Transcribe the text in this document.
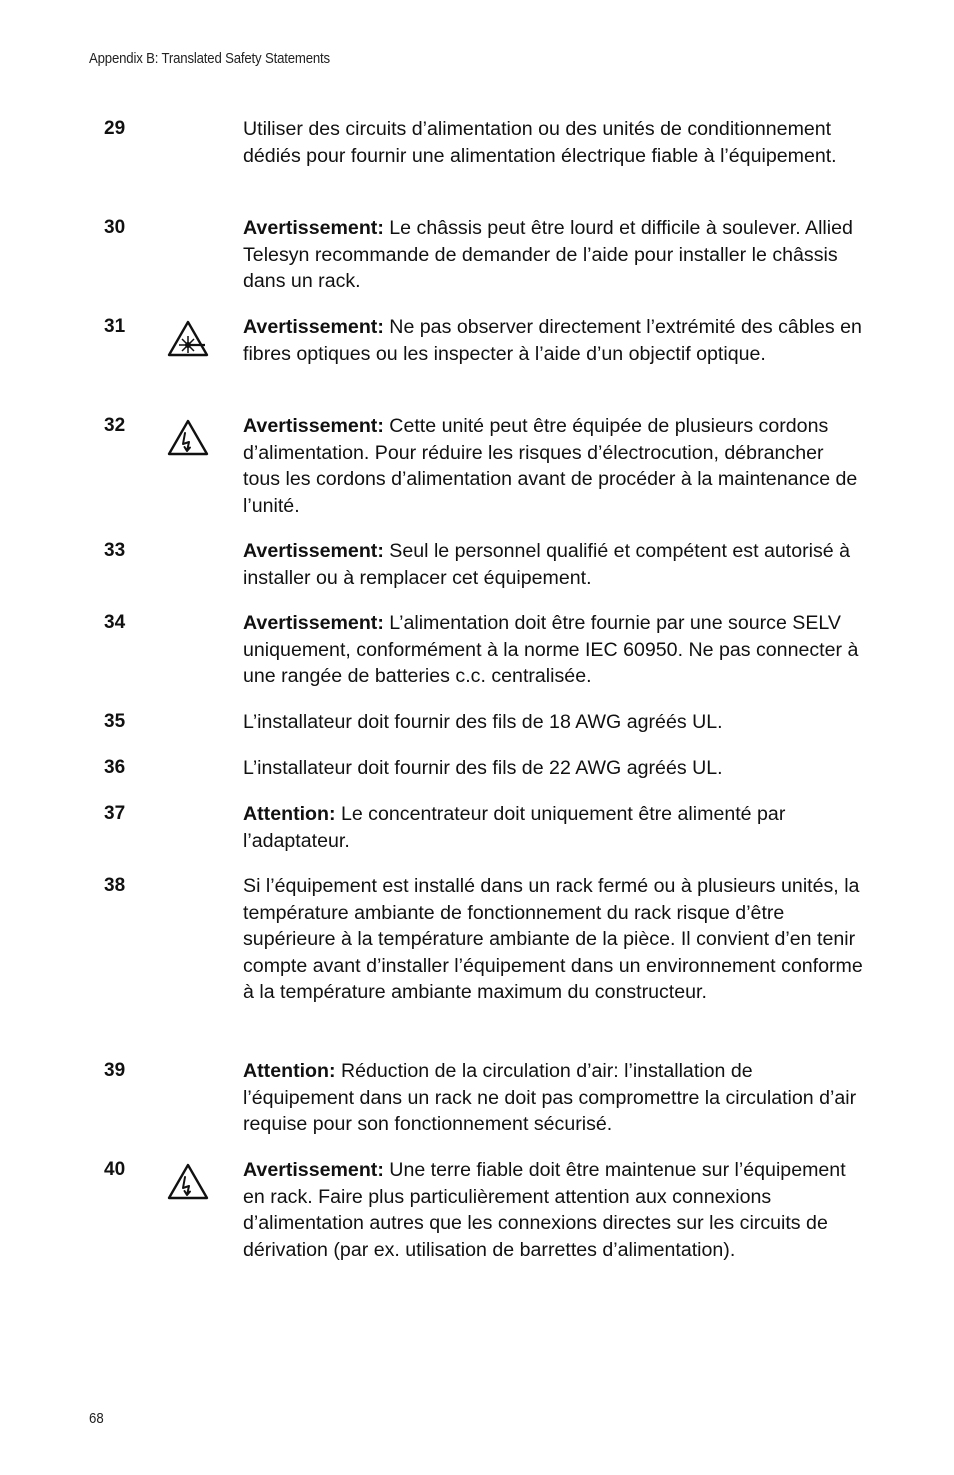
Appendix B: Translated Safety Statements
29	Utiliser des circuits d’alimentation ou des unités de conditionnement dédiés pour fournir une alimentation électrique fiable à l’équipement.
30	Avertissement: Le châssis peut être lourd et difficile à soulever. Allied Telesyn recommande de demander de l’aide pour installer le châssis dans un rack.
31	Avertissement: Ne pas observer directement l’extrémité des câbles en fibres optiques ou les inspecter à l’aide d’un objectif optique.
32	Avertissement: Cette unité peut être équipée de plusieurs cordons d’alimentation. Pour réduire les risques d’électrocution, débrancher tous les cordons d’alimentation avant de procéder à la maintenance de l’unité.
33	Avertissement: Seul le personnel qualifié et compétent est autorisé à installer ou à remplacer cet équipement.
34	Avertissement: L’alimentation doit être fournie par une source SELV uniquement, conformément à la norme IEC 60950. Ne pas connecter à une rangée de batteries c.c. centralisée.
35	L’installateur doit fournir des fils de 18 AWG agréés UL.
36	L’installateur doit fournir des fils de 22 AWG agréés UL.
37	Attention: Le concentrateur doit uniquement être alimenté par l’adaptateur.
38	Si l’équipement est installé dans un rack fermé ou à plusieurs unités, la température ambiante de fonctionnement du rack risque d’être supérieure à la température ambiante de la pièce. Il convient d’en tenir compte avant d’installer l’équipement dans un environnement conforme à la température ambiante maximum du constructeur.
39	Attention: Réduction de la circulation d’air: l’installation de l’équipement dans un rack ne doit pas compromettre la circulation d’air requise pour son fonctionnement sécurisé.
40	Avertissement: Une terre fiable doit être maintenue sur l’équipement en rack. Faire plus particulièrement attention aux connexions d’alimentation autres que les connexions directes sur les circuits de dérivation (par ex. utilisation de barrettes d’alimentation).
68
